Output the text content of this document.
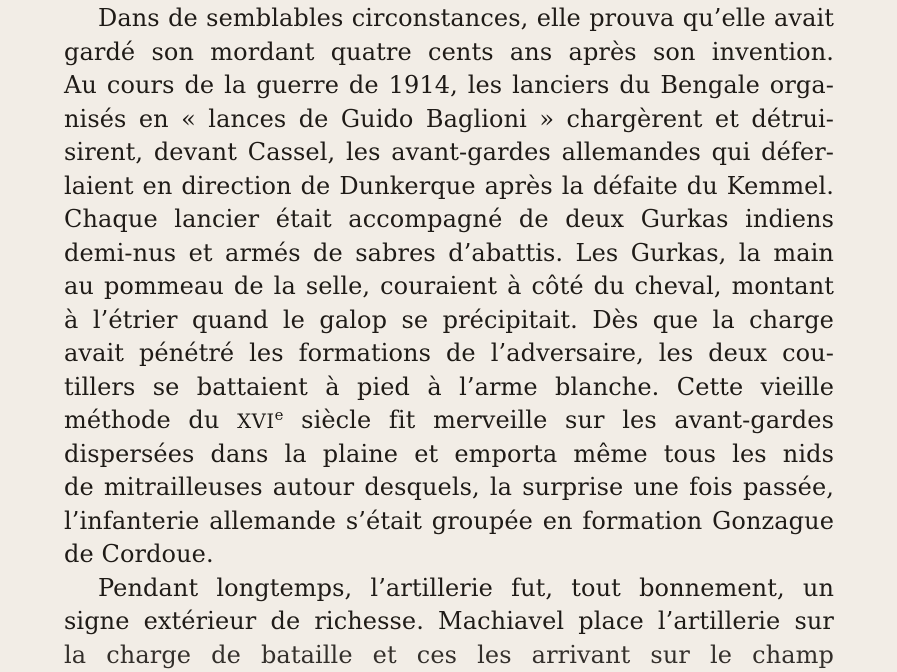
Dans de semblables circonstances, elle prouva qu’elle avait
gardé son mordant quatre cents ans après son invention.
Au cours de la guerre de 1914, les lanciers du Bengale orga-
nisés en « lances de Guido Baglioni » chargèrent et détrui-
sirent, devant Cassel, les avant-gardes allemandes qui défer-
laient en direction de Dunkerque après la défaite du Kemmel.
Chaque lancier était accompagné de deux Gurkas indiens
demi-nus et armés de sabres d’abattis. Les Gurkas, la main
au pommeau de la selle, couraient à côté du cheval, montant
à l’étrier quand le galop se précipitait. Dès que la charge
avait pénétré les formations de l’adversaire, les deux cou-
tillers se battaient à pied à l’arme blanche. Cette vieille
méthode du XVIe siècle fit merveille sur les avant-gardes
dispersées dans la plaine et emporta même tous les nids
de mitrailleuses autour desquels, la surprise une fois passée,
l’infanterie allemande s’était groupée en formation Gonzague
de Cordoue.
Pendant longtemps, l’artillerie fut, tout bonnement, un
signe extérieur de richesse. Machiavel place l’artillerie sur
la charge de bataille et ces les arrivant sur le champ
